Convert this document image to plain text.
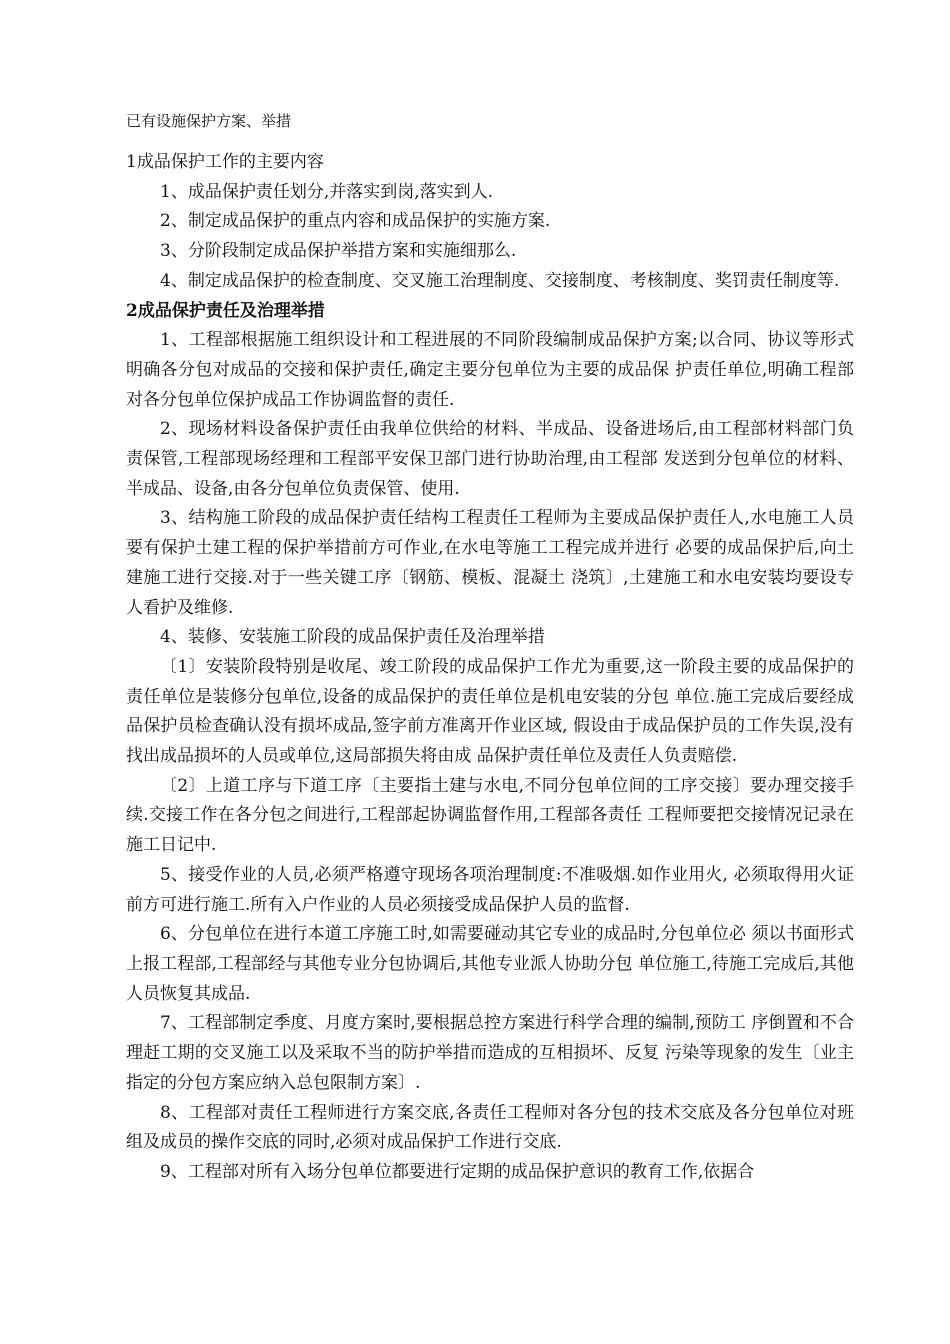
已有设施保护方案、举措

1成品保护工作的主要内容

1、成品保护责任划分,并落实到岗,落实到人.

2、制定成品保护的重点内容和成品保护的实施方案.

3、分阶段制定成品保护举措方案和实施细那么.

4、制定成品保护的检查制度、交叉施工治理制度、交接制度、考核制度、奖罚责任制度等.

2成品保护责任及治理举措

1、工程部根据施工组织设计和工程进展的不同阶段编制成品保护方案;以合同、协议等形式明确各分包对成品的交接和保护责任,确定主要分包单位为主要的成品保 护责任单位,明确工程部对各分包单位保护成品工作协调监督的责任.

2、现场材料设备保护责任由我单位供给的材料、半成品、设备进场后,由工程部材料部门负责保管,工程部现场经理和工程部平安保卫部门进行协助治理,由工程部 发送到分包单位的材料、半成品、设备,由各分包单位负责保管、使用.

3、结构施工阶段的成品保护责任结构工程责任工程师为主要成品保护责任人,水电施工人员要有保护土建工程的保护举措前方可作业,在水电等施工工程完成并进行 必要的成品保护后,向土建施工进行交接.对于一些关键工序〔钢筋、模板、混凝土 浇筑〕,土建施工和水电安装均要设专人看护及维修.

4、装修、安装施工阶段的成品保护责任及治理举措

〔1〕安装阶段特别是收尾、竣工阶段的成品保护工作尤为重要,这一阶段主要的成品保护的责任单位是装修分包单位,设备的成品保护的责任单位是机电安装的分包 单位.施工完成后要经成品保护员检查确认没有损坏成品,签字前方准离开作业区域, 假设由于成品保护员的工作失误,没有找出成品损坏的人员或单位,这局部损失将由成 品保护责任单位及责任人负责赔偿.

〔2〕上道工序与下道工序〔主要指土建与水电,不同分包单位间的工序交接〕要办理交接手续.交接工作在各分包之间进行,工程部起协调监督作用,工程部各责任 工程师要把交接情况记录在施工日记中.

5、接受作业的人员,必须严格遵守现场各项治理制度:不准吸烟.如作业用火, 必须取得用火证前方可进行施工.所有入户作业的人员必须接受成品保护人员的监督.

6、分包单位在进行本道工序施工时,如需要碰动其它专业的成品时,分包单位必 须以书面形式上报工程部,工程部经与其他专业分包协调后,其他专业派人协助分包 单位施工,待施工完成后,其他人员恢复其成品.

7、工程部制定季度、月度方案时,要根据总控方案进行科学合理的编制,预防工 序倒置和不合理赶工期的交叉施工以及采取不当的防护举措而造成的互相损坏、反复 污染等现象的发生〔业主指定的分包方案应纳入总包限制方案〕.

8、工程部对责任工程师进行方案交底,各责任工程师对各分包的技术交底及各分包单位对班组及成员的操作交底的同时,必须对成品保护工作进行交底.

9、工程部对所有入场分包单位都要进行定期的成品保护意识的教育工作,依据合
